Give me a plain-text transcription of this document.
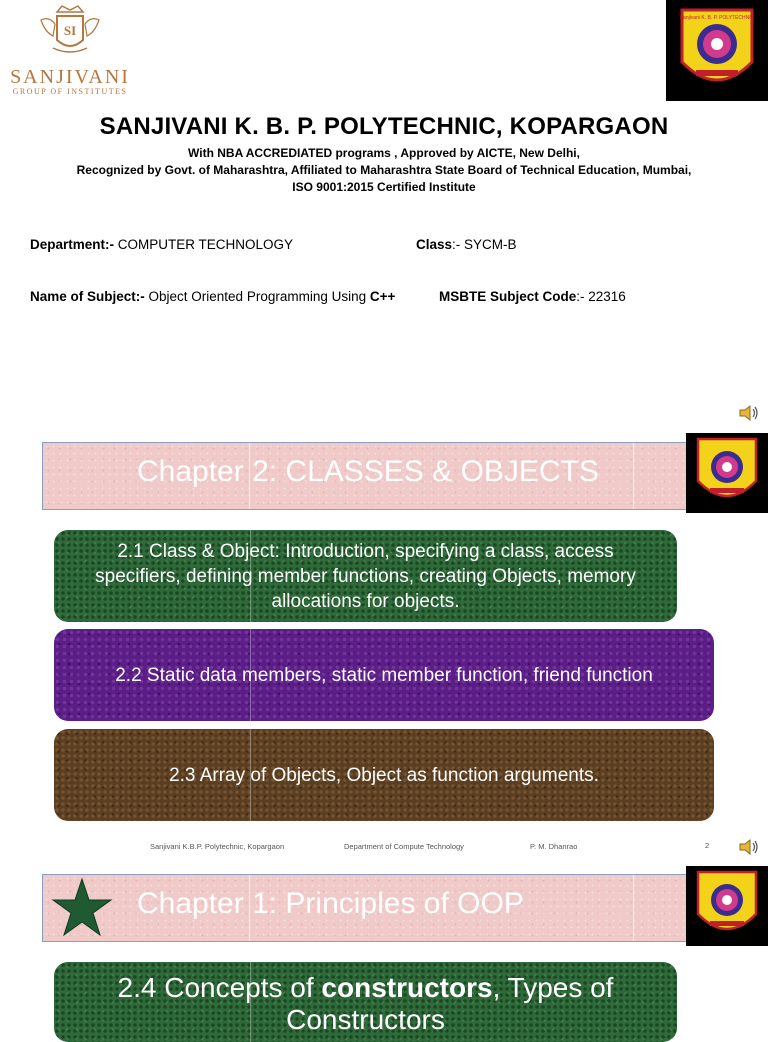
SI
SANJIVANI
GROUP OF INSTITUTES
Sanjivani K. B. P. POLYTECHNIC
SANJIVANI K. B. P. POLYTECHNIC, KOPARGAON
With NBA ACCREDIATED programs , Approved by AICTE, New Delhi,
Recognized by Govt. of Maharashtra, Affiliated to Maharashtra State Board of Technical Education, Mumbai,
ISO 9001:2015 Certified Institute
Department:- COMPUTER TECHNOLOGY	Class:- SYCM-B
Name of Subject:- Object Oriented Programming Using C++	MSBTE Subject Code:- 22316
Chapter 2: CLASSES & OBJECTS
2.1 Class & Object: Introduction, specifying a class, access specifiers, defining member functions, creating Objects, memory allocations for objects.
2.2 Static data members, static member function, friend function
2.3 Array of Objects, Object as function arguments.
Sanjivani K.B.P. Polytechnic, Kopargaon	Department of Compute Technology	P. M. Dhanrao	2
Chapter 1: Principles of OOP
2.4 Concepts of constructors, Types of
Constructors
